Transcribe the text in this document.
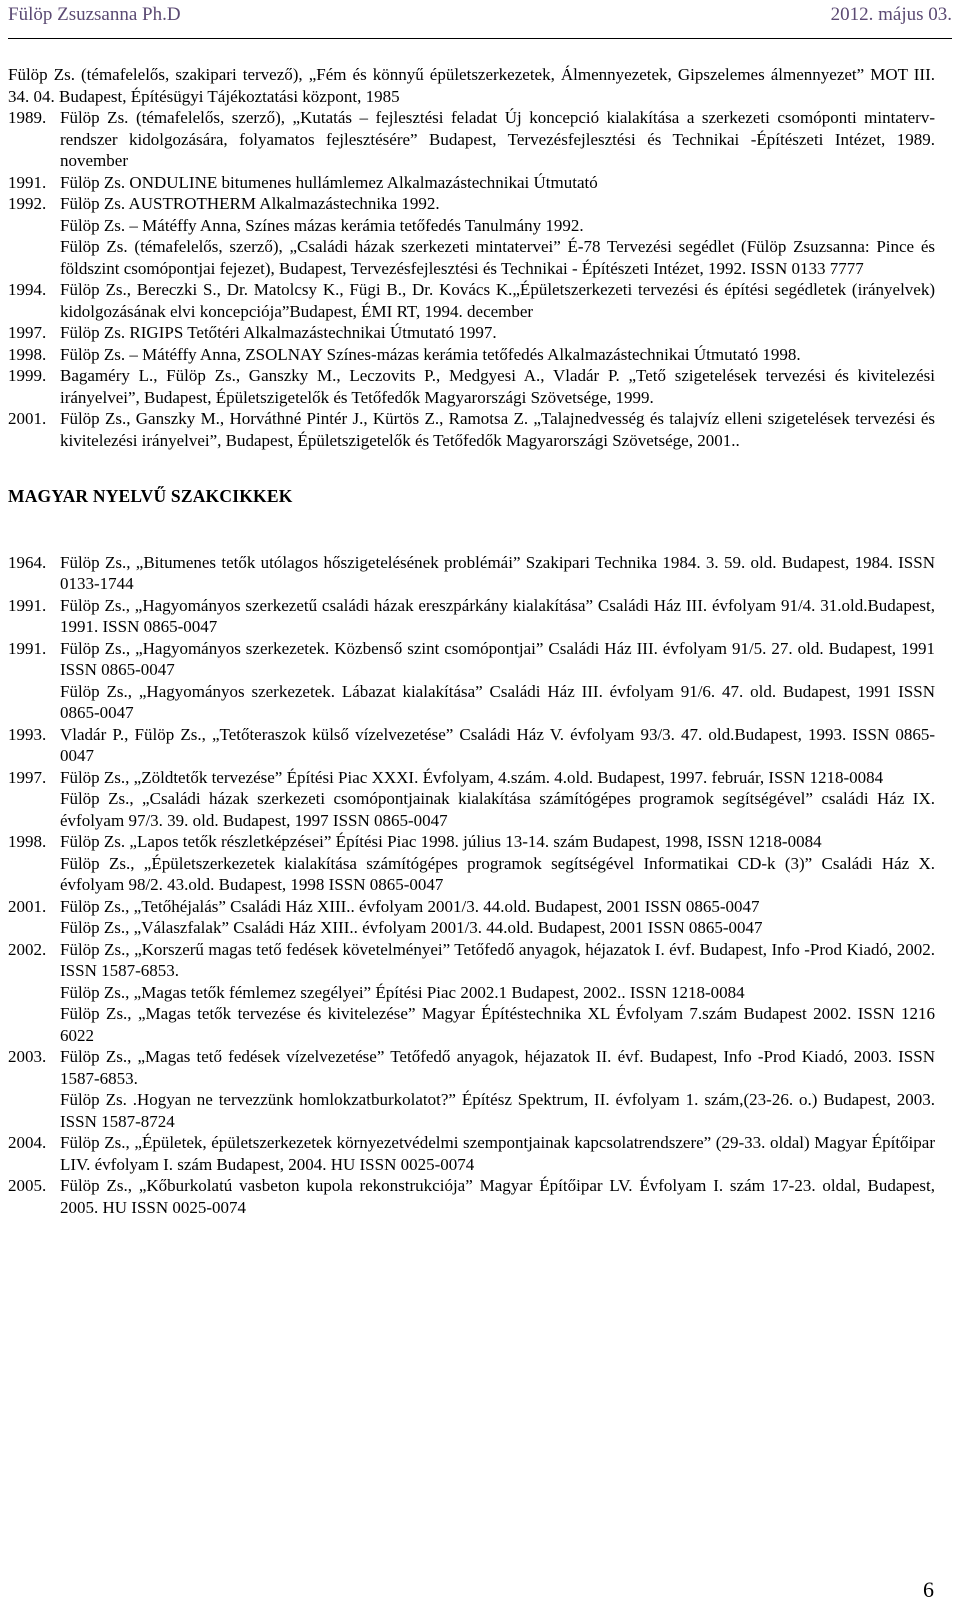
Fülöp Zsuzsanna Ph.D	2012. május 03.
Fülöp Zs. (témafelelős, szakipari tervező), „Fém és könnyű épületszerkezetek, Álmennyezetek, Gipszelemes álmennyezet” MOT III. 34. 04. Budapest, Építésügyi Tájékoztatási központ, 1985
1989. Fülöp Zs. (témafelelős, szerző), „Kutatás – fejlesztési feladat Új koncepció kialakítása a szerkezeti csomóponti mintaterv-rendszer kidolgozására, folyamatos fejlesztésére” Budapest, Tervezésfejlesztési és Technikai -Építészeti Intézet, 1989. november
1991. Fülöp Zs. ONDULINE bitumenes hullámlemez Alkalmazástechnikai Útmutató
1992. Fülöp Zs. AUSTROTHERM Alkalmazástechnika 1992.
Fülöp Zs. – Mátéffy Anna, Színes mázas kerámia tetőfedés Tanulmány 1992.
Fülöp Zs. (témafelelős, szerző), „Családi házak szerkezeti mintatervei” É-78 Tervezési segédlet (Fülöp Zsuzsanna: Pince és földszint csomópontjai fejezet), Budapest, Tervezésfejlesztési és Technikai - Építészeti Intézet, 1992. ISSN 0133 7777
1994. Fülöp Zs., Bereczki S., Dr. Matolcsy K., Fügi B., Dr. Kovács K.„Épületszerkezeti tervezési és építési segédletek (irányelvek) kidolgozásának elvi koncepciója”Budapest, ÉMI RT, 1994. december
1997. Fülöp Zs. RIGIPS Tetőtéri Alkalmazástechnikai Útmutató 1997.
1998. Fülöp Zs. – Mátéffy Anna, ZSOLNAY Színes-mázas kerámia tetőfedés Alkalmazástechnikai Útmutató 1998.
1999. Bagaméry L., Fülöp Zs., Ganszky M., Leczovits P., Medgyesi A., Vladár P. „Tető szigetelések tervezési és kivitelezési irányelvei”, Budapest, Épületszigetelők és Tetőfedők Magyarországi Szövetsége, 1999.
2001. Fülöp Zs., Ganszky M., Horváthné Pintér J., Kürtös Z., Ramotsa Z. „Talajnedvesség és talajvíz elleni szigetelések tervezési és kivitelezési irányelvei”, Budapest, Épületszigetelők és Tetőfedők Magyarországi Szövetsége, 2001..
MAGYAR NYELVŰ SZAKCIKKEK
1964. Fülöp Zs., „Bitumenes tetők utólagos hőszigetelésének problémái” Szakipari Technika 1984. 3. 59. old. Budapest, 1984. ISSN 0133-1744
1991. Fülöp Zs., „Hagyományos szerkezetű családi házak ereszpárkány kialakítása” Családi Ház III. évfolyam 91/4. 31.old.Budapest, 1991. ISSN 0865-0047
1991. Fülöp Zs., „Hagyományos szerkezetek. Közbenső szint csomópontjai” Családi Ház III. évfolyam 91/5. 27. old. Budapest, 1991 ISSN 0865-0047
Fülöp Zs., „Hagyományos szerkezetek. Lábazat kialakítása” Családi Ház III. évfolyam 91/6. 47. old. Budapest, 1991 ISSN 0865-0047
1993. Vladár P., Fülöp Zs., „Tetőteraszok külső vízelvezetése” Családi Ház V. évfolyam 93/3. 47. old.Budapest, 1993. ISSN 0865-0047
1997. Fülöp Zs., „Zöldtetők tervezése” Építési Piac XXXI. Évfolyam, 4.szám. 4.old. Budapest, 1997. február, ISSN 1218-0084
Fülöp Zs., „Családi házak szerkezeti csomópontjainak kialakítása számítógépes programok segítségével” családi Ház IX. évfolyam 97/3. 39. old. Budapest, 1997 ISSN 0865-0047
1998. Fülöp Zs. „Lapos tetők részletképzései” Építési Piac 1998. július 13-14. szám Budapest, 1998, ISSN 1218-0084
Fülöp Zs., „Épületszerkezetek kialakítása számítógépes programok segítségével Informatikai CD-k (3)” Családi Ház X. évfolyam 98/2. 43.old. Budapest, 1998 ISSN 0865-0047
2001. Fülöp Zs., „Tetőhéjalás” Családi Ház XIII.. évfolyam 2001/3. 44.old. Budapest, 2001 ISSN 0865-0047
Fülöp Zs., „Válaszfalak” Családi Ház XIII.. évfolyam 2001/3. 44.old. Budapest, 2001 ISSN 0865-0047
2002. Fülöp Zs., „Korszerű magas tető fedések követelményei” Tetőfedő anyagok, héjazatok I. évf. Budapest, Info -Prod Kiadó, 2002. ISSN 1587-6853.
Fülöp Zs., „Magas tetők fémlemez szegélyei” Építési Piac 2002.1 Budapest, 2002.. ISSN 1218-0084
Fülöp Zs., „Magas tetők tervezése és kivitelezése” Magyar Építéstechnika XL Évfolyam 7.szám Budapest 2002. ISSN 1216 6022
2003. Fülöp Zs., „Magas tető fedések vízelvezetése” Tetőfedő anyagok, héjazatok II. évf. Budapest, Info -Prod Kiadó, 2003. ISSN 1587-6853.
Fülöp Zs. .Hogyan ne tervezzünk homlokzatburkolatot?” Építész Spektrum, II. évfolyam 1. szám,(23-26. o.) Budapest, 2003. ISSN 1587-8724
2004. Fülöp Zs., „Épületek, épületszerkezetek környezetvédelmi szempontjainak kapcsolatrendszere” (29-33. oldal) Magyar Építőipar LIV. évfolyam I. szám Budapest, 2004. HU ISSN 0025-0074
2005. Fülöp Zs., „Kőburkolatú vasbeton kupola rekonstrukciója” Magyar Építőipar LV. Évfolyam I. szám 17-23. oldal, Budapest, 2005. HU ISSN 0025-0074
6
